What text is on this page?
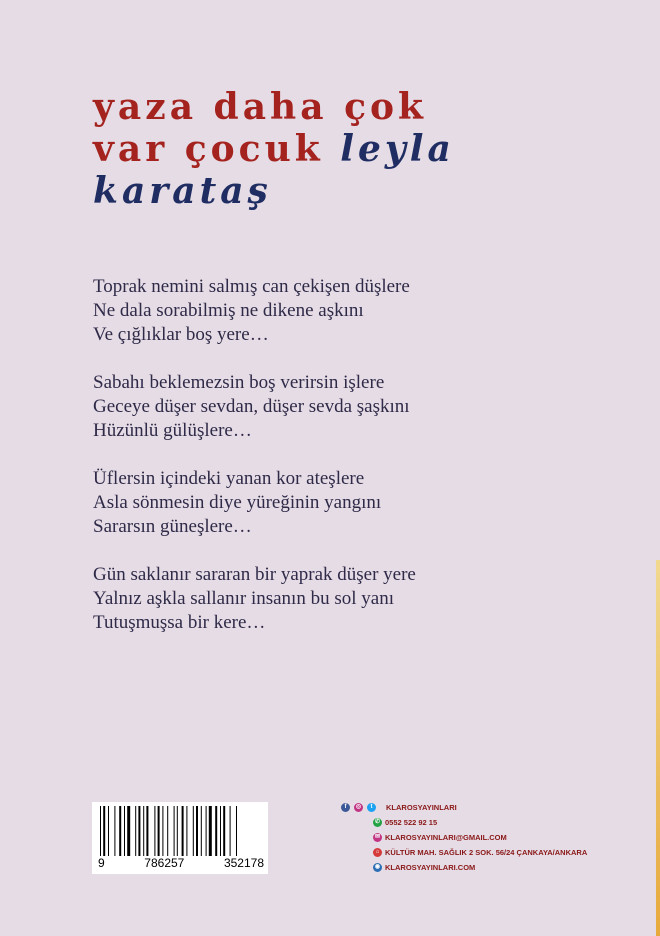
yaza daha çok
var çocuk leyla
karataş
Toprak nemini salmış can çekişen düşlere
Ne dala sorabilmiş ne dikene aşkını
Ve çığlıklar boş yere…
Sabahı beklemezsin boş verirsin işlere
Geceye düşer sevdan, düşer sevda şaşkını
Hüzünlü gülüşlere…
Üflersin içindeki yanan kor ateşlere
Asla sönmesin diye yüreğinin yangını
Sararsın güneşlere…
Gün saklanır sararan bir yaprak düşer yere
Yalnız aşkla sallanır insanın bu sol yanı
Tutuşmuşsa bir kere…
9	786257	352178
f	◎	t	KLAROSYAYINLARI
✆ 0552 522 92 15
✉ KLAROSYAYINLARI@GMAIL.COM
⌂ KÜLTÜR MAH. SAĞLIK 2 SOK. 56/24 ÇANKAYA/ANKARA
◉ KLAROSYAYINLARI.COM
